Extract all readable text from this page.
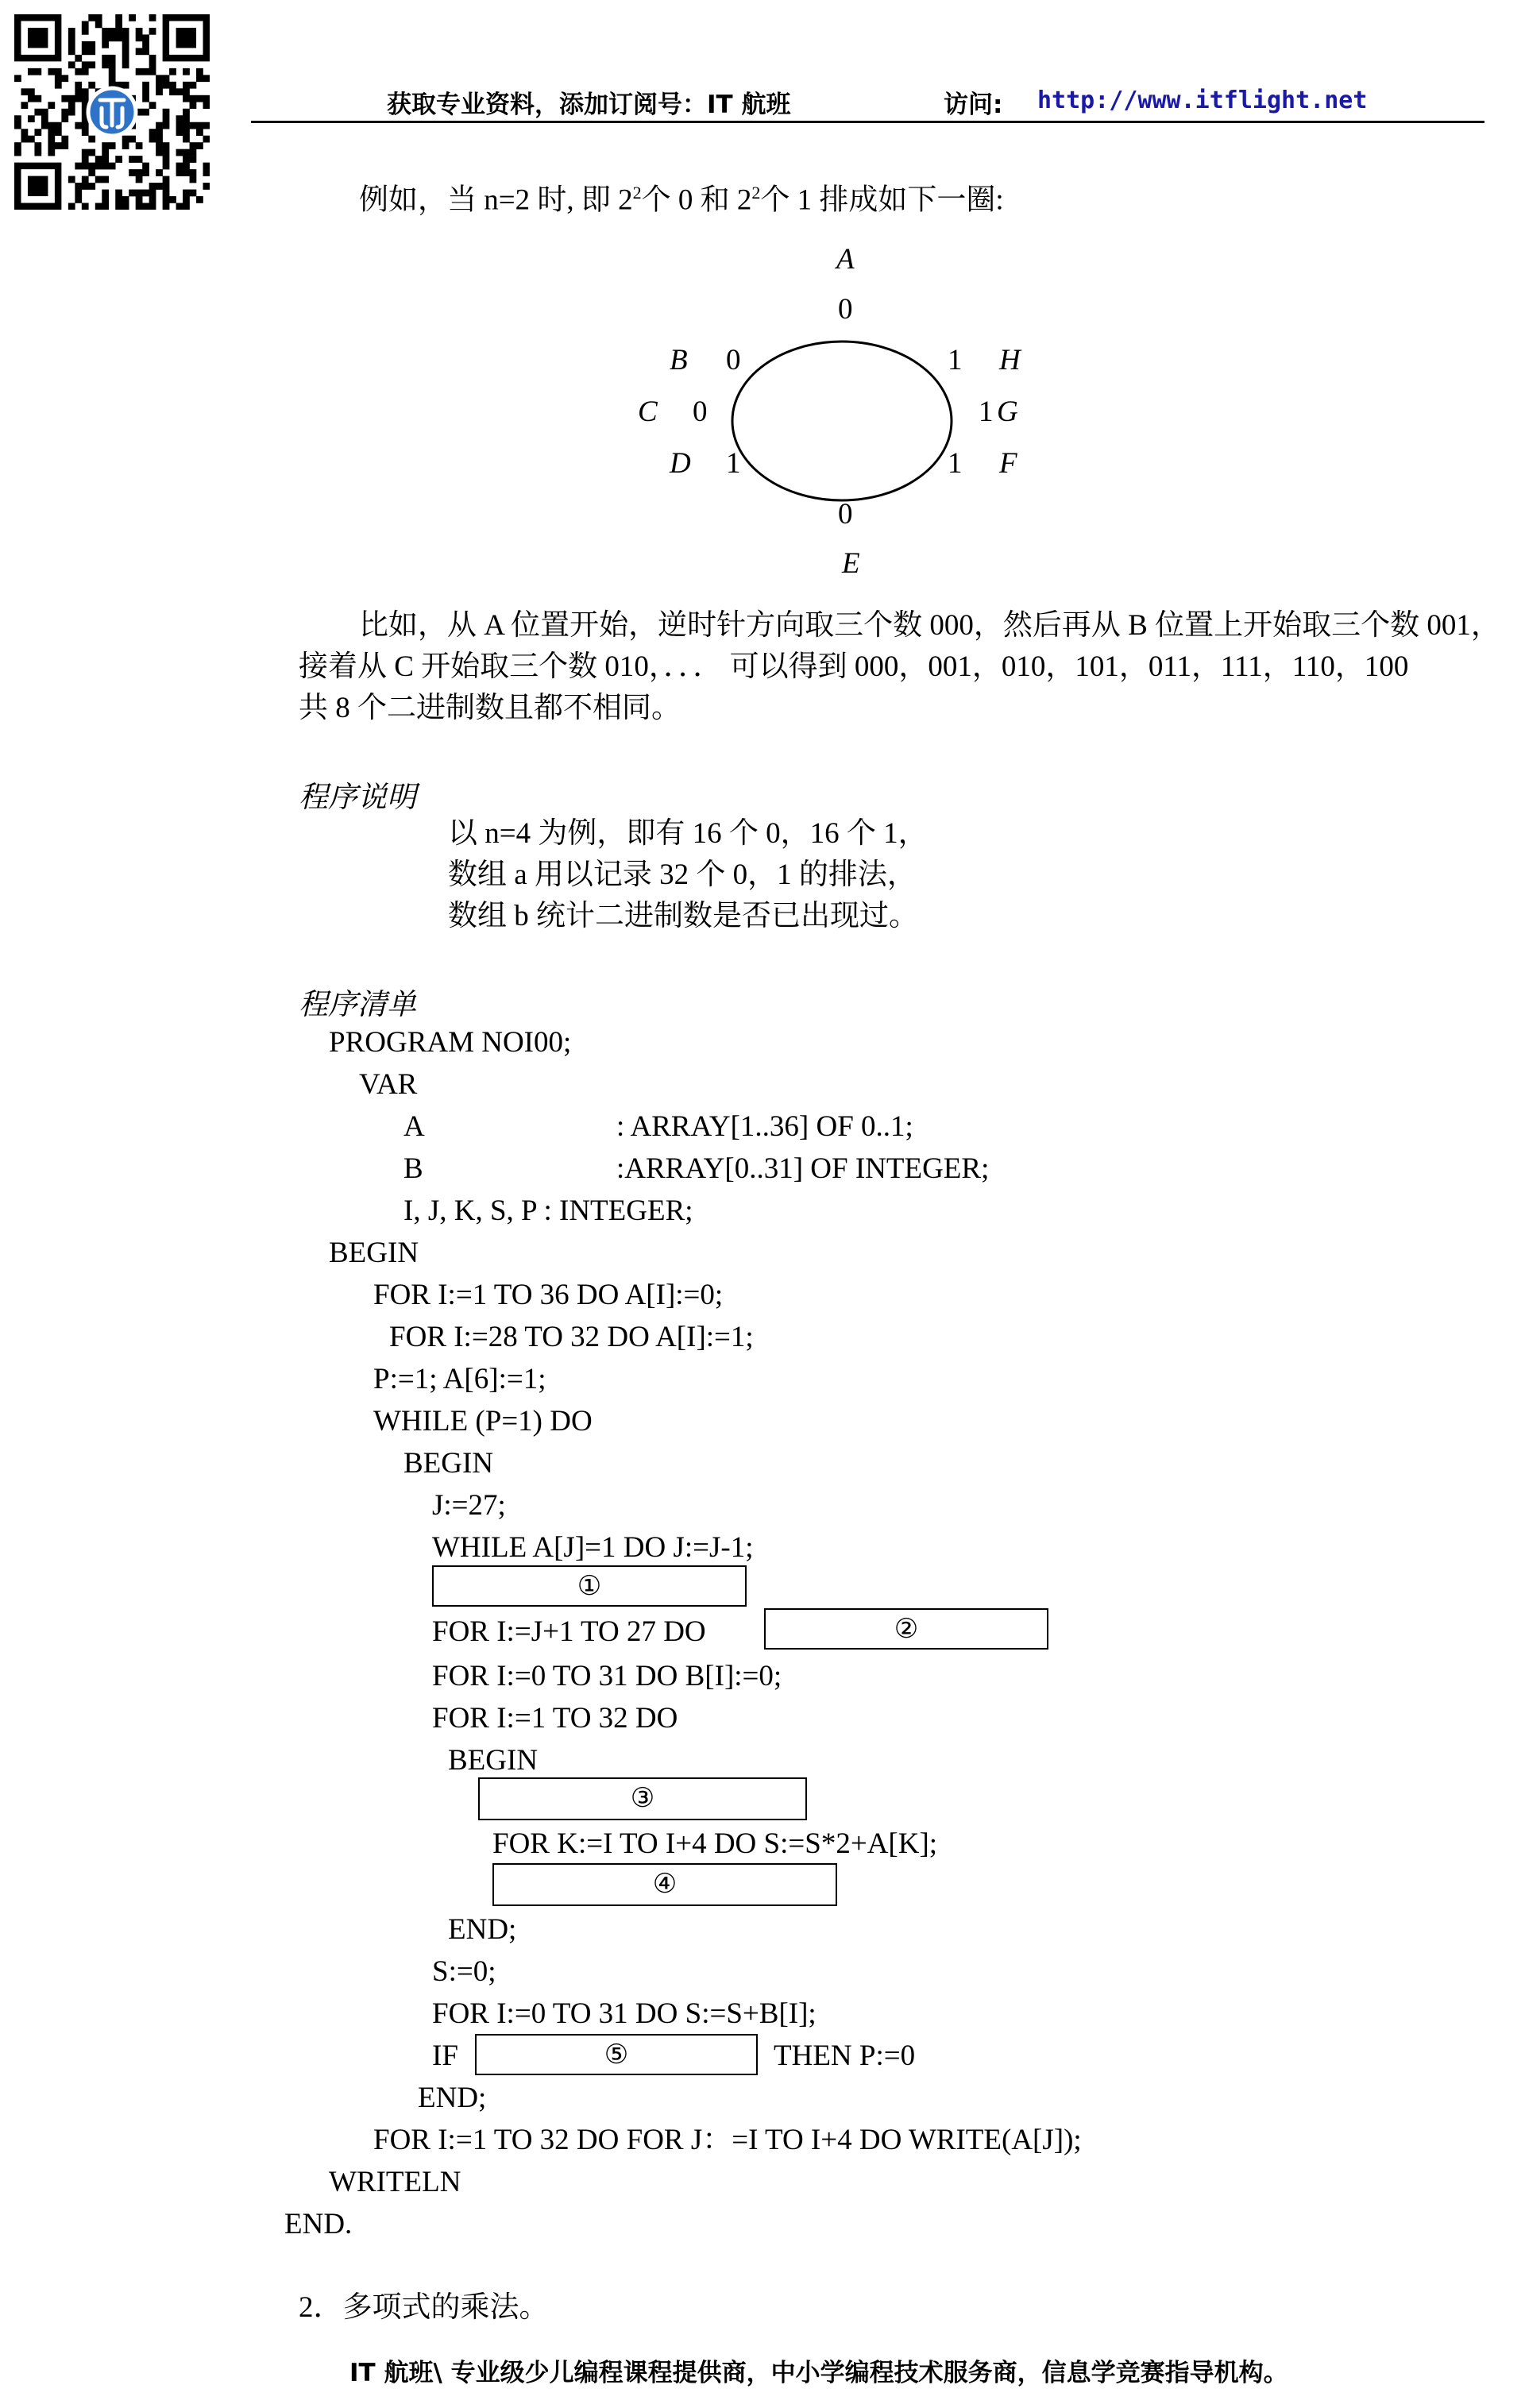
获取专业资料，添加订阅号：IT 航班	访问: http://www.itflight.net
例如，当 n=2 时, 即 $2^2$个 0 和 $2^2$个 1 排成如下一圈:
A
0
B 0	H
1
C 0	1 G
D 1	1 F
0
E
比如，从 A 位置开始，逆时针方向取三个数 000，然后再从 B 位置上开始取三个数 001，
接着从 C 开始取三个数 010，．．． 可以得到 000，001，010，101，011，111，110，100
共 8 个二进制数且都不相同。
程序说明
以 n=4 为例，即有 16 个 0，16 个 1，
数组 a 用以记录 32 个 0，1 的排法，
数组 b 统计二进制数是否已出现过。
程序清单
PROGRAM NOI00;
VAR
A	: ARRAY[1..36] OF 0..1;
B	:ARRAY[0..31] OF INTEGER;
I, J, K, S, P : INTEGER;
BEGIN
FOR I:=1 TO 36 DO A[I]:=0;
FOR I:=28 TO 32 DO A[I]:=1;
P:=1; A[6]:=1;
WHILE (P=1) DO
BEGIN
J:=27;
WHILE A[J]=1 DO J:=J-1;
①
FOR I:=J+1 TO 27 DO	②
FOR I:=0 TO 31 DO B[I]:=0;
FOR I:=1 TO 32 DO
BEGIN
③
FOR K:=I TO I+4 DO S:=S*2+A[K];
④
END;
S:=0;
FOR I:=0 TO 31 DO S:=S+B[I];
IF	⑤	THEN P:=0
END;
FOR I:=1 TO 32 DO FOR J：=I TO I+4 DO WRITE(A[J]);
WRITELN
END.
2．多项式的乘法。
IT 航班\ 专业级少儿编程课程提供商，中小学编程技术服务商，信息学竞赛指导机构。
